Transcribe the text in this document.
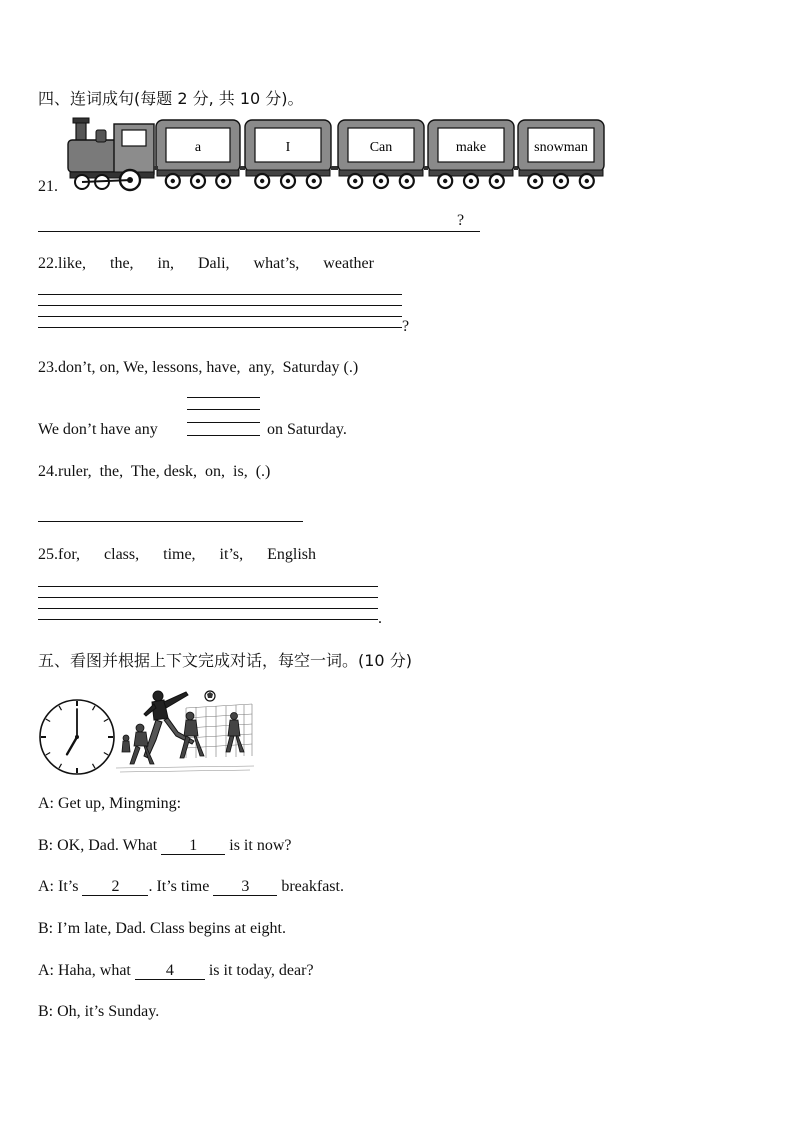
四、连词成句(每题 2 分, 共 10 分)。
21.
a	I	Can	make	snowman
?
22.like,      the,      in,      Dali,      what’s,      weather
?
23.don’t, on, We, lessons, have,  any,  Saturday (.)
We don’t have any	on Saturday.
24.ruler,  the,  The, desk,  on,  is,  (.)
25.for,      class,      time,      it’s,      English
.
五、看图并根据上下文完成对话，每空一词。(10 分)
A: Get up, Mingming:
B: OK, Dad. What 1 is it now?
A: It’s 2 . It’s time 3 breakfast.
B: I’m late, Dad. Class begins at eight.
A: Haha, what 4 is it today, dear?
B: Oh, it’s Sunday.
